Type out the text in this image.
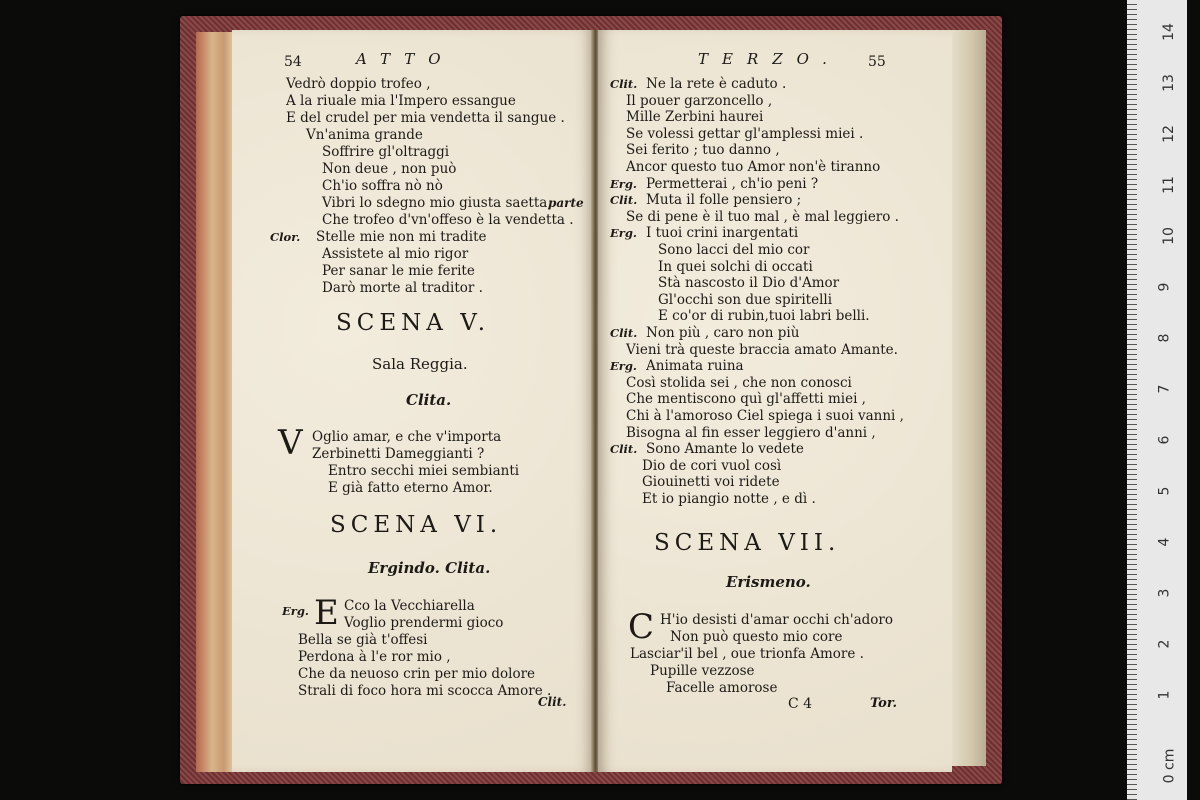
54	ATTO
Vedrò doppio trofeo ,
A la riuale mia l'Impero essangue
E del crudel per mia vendetta il sangue .
Vn'anima grande
Soffrire gl'oltraggi
Non deue , non può
Ch'io soffra nò nò
Vibri lo sdegno mio giusta saetta,
parte
Che trofeo d'vn'offeso è la vendetta .
Clor. Stelle mie non mi tradite
Assistete al mio rigor
Per sanar le mie ferite
Darò morte al traditor .
SCENA V.
Sala Reggia.
Clita.
V Oglio amar, e che v'importa
Zerbinetti Dameggianti ?
Entro secchi miei sembianti
E già fatto eterno Amor.
SCENA VI.
Ergindo. Clita.
Erg. E Cco la Vecchiarella
Voglio prendermi gioco
Bella se già t'offesi
Perdona à l'e ror mio ,
Che da neuoso crin per mio dolore
Strali di foco hora mi scocca Amore .
Clit.
TERZO. 55
Clit. Ne la rete è caduto .
Il pouer garzoncello ,
Mille Zerbini haurei
Se volessi gettar gl'amplessi miei .
Sei ferito ; tuo danno ,
Ancor questo tuo Amor non'è tiranno
Erg. Permetterai , ch'io peni ?
Clit. Muta il folle pensiero ;
Se di pene è il tuo mal , è mal leggiero .
Erg. I tuoi crini inargentati
Sono lacci del mio cor
In quei solchi di occati
Stà nascosto il Dio d'Amor
Gl'occhi son due spiritelli
E co'or di rubin,tuoi labri belli.
Clit. Non più , caro non più
Vieni trà queste braccia amato Amante.
Erg. Animata ruina
Così stolida sei , che non conosci
Che mentiscono quì gl'affetti miei ,
Chi à l'amoroso Ciel spiega i suoi vanni ,
Bisogna al fin esser leggiero d'anni ,
Clit. Sono Amante lo vedete
Dio de cori vuol così
Giouinetti voi ridete
Et io piangio notte , e dì .
SCENA VII.
Erismeno.
C H'io desisti d'amar occhi ch'adoro
Non può questo mio core
Lasciar'il bel , oue trionfa Amore .
Pupille vezzose
Facelle amorose
C 4	Tor.
0 cm
1
2
3
4
5
6
7
8
9
10
11
12
13
14
